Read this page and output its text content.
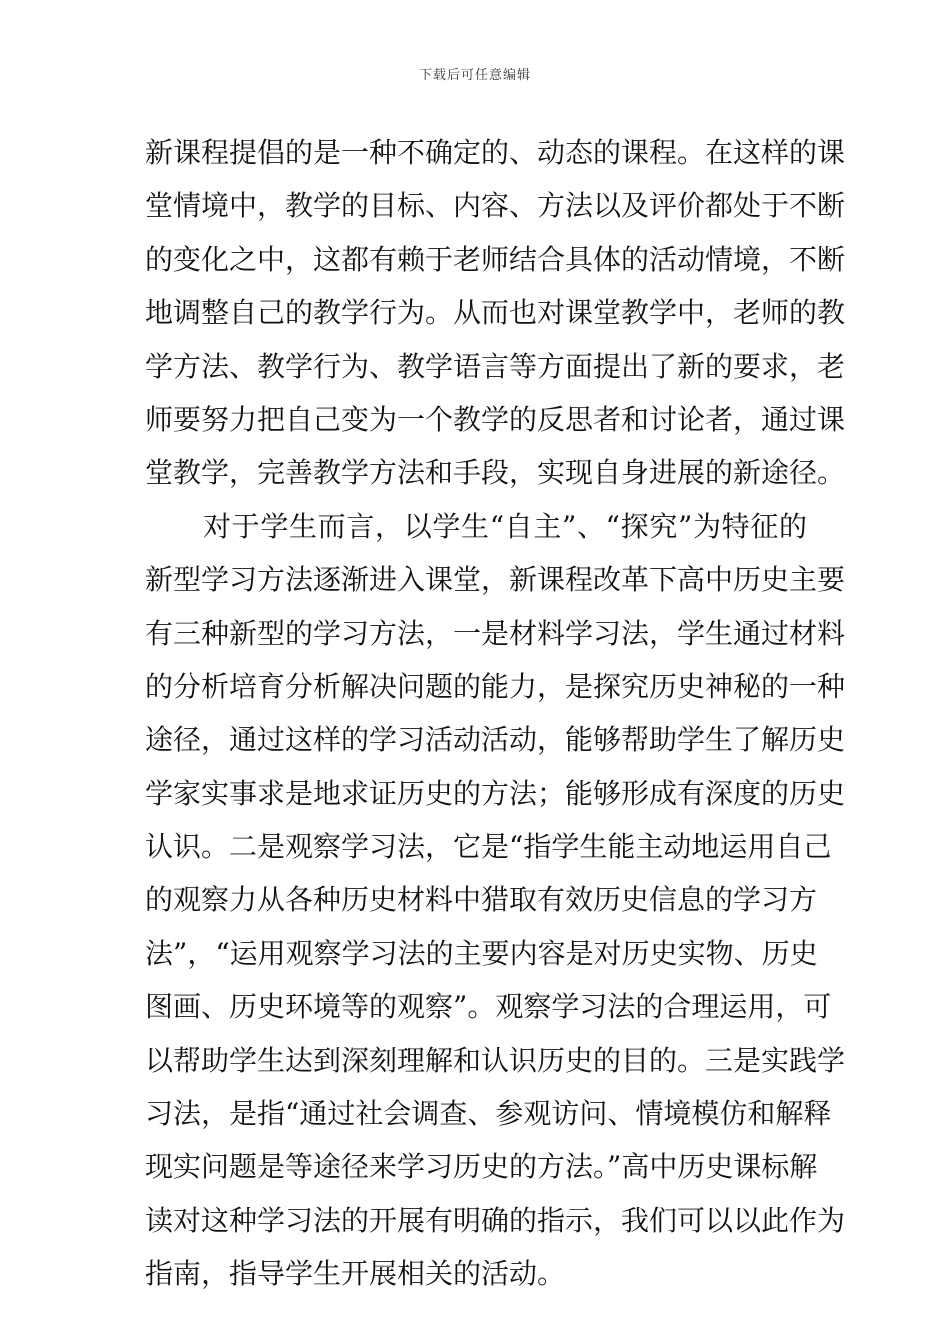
下载后可任意编辑
新课程提倡的是一种不确定的、动态的课程。在这样的课
堂情境中，教学的目标、内容、方法以及评价都处于不断
的变化之中，这都有赖于老师结合具体的活动情境，不断
地调整自己的教学行为。从而也对课堂教学中，老师的教
学方法、教学行为、教学语言等方面提出了新的要求，老
师要努力把自己变为一个教学的反思者和讨论者，通过课
堂教学，完善教学方法和手段，实现自身进展的新途径。
对于学生而言，以学生“自主”、“探究”为特征的
新型学习方法逐渐进入课堂，新课程改革下高中历史主要
有三种新型的学习方法，一是材料学习法，学生通过材料
的分析培育分析解决问题的能力，是探究历史神秘的一种
途径，通过这样的学习活动活动，能够帮助学生了解历史
学家实事求是地求证历史的方法；能够形成有深度的历史
认识。二是观察学习法，它是“指学生能主动地运用自己
的观察力从各种历史材料中猎取有效历史信息的学习方
法”，“运用观察学习法的主要内容是对历史实物、历史
图画、历史环境等的观察”。观察学习法的合理运用，可
以帮助学生达到深刻理解和认识历史的目的。三是实践学
习法，是指“通过社会调查、参观访问、情境模仿和解释
现实问题是等途径来学习历史的方法。”高中历史课标解
读对这种学习法的开展有明确的指示，我们可以以此作为
指南，指导学生开展相关的活动。
